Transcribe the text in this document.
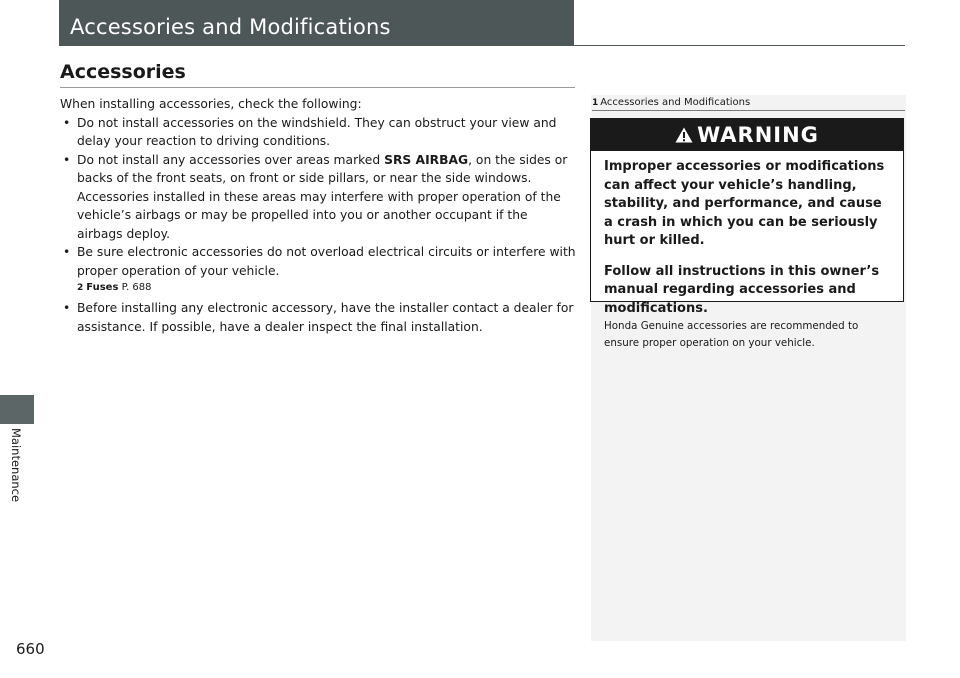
Accessories and Modifications
Maintenance
660
Accessories

When installing accessories, check the following:

• Do not install accessories on the windshield. They can obstruct your view and delay your reaction to driving conditions.
• Do not install any accessories over areas marked SRS AIRBAG, on the sides or backs of the front seats, on front or side pillars, or near the side windows. Accessories installed in these areas may interfere with proper operation of the vehicle’s airbags or may be propelled into you or another occupant if the airbags deploy.
• Be sure electronic accessories do not overload electrical circuits or interfere with proper operation of your vehicle.
2 Fuses P. 688
• Before installing any electronic accessory, have the installer contact a dealer for assistance. If possible, have a dealer inspect the final installation.
1 Accessories and Modifications
WARNING

Improper accessories or modifications can affect your vehicle’s handling, stability, and performance, and cause a crash in which you can be seriously hurt or killed.

Follow all instructions in this owner’s manual regarding accessories and modifications.

Honda Genuine accessories are recommended to ensure proper operation on your vehicle.
